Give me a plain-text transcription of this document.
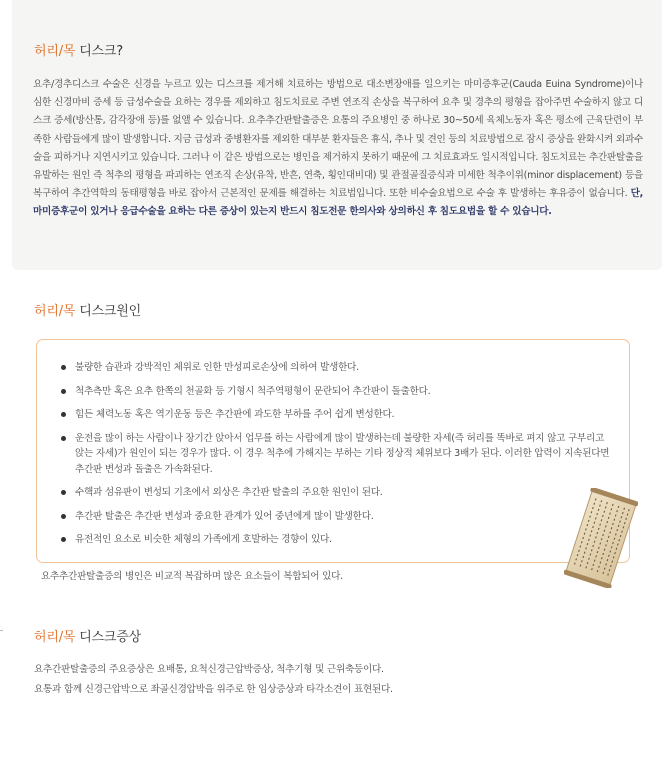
허리/목 디스크?

요추/경추디스크 수술은 신경을 누르고 있는 디스크를 제거해 치료하는 방법으로 대소변장애를 일으키는 마미증후군(Cauda Euina Syndrome)이나 심한 신경마비 증세 등 급성수술을 요하는 경우를 제외하고 침도치료로 주변 연조직 손상을 복구하여 요추 및 경추의 평형을 잡아주면 수술하지 않고 디스크 증세(방산통, 감각장애 등)를 없앨 수 있습니다. 요추추간판탈출증은 요통의 주요병인 중 하나로 30~50세 육체노동자 혹은 평소에 근육단련이 부족한 사람들에게 많이 발생합니다. 지금 급성과 중병환자를 제외한 대부분 환자들은 휴식, 추나 및 견인 등의 치료방법으로 잠시 증상을 완화시켜 외과수술을 피하거나 지연시키고 있습니다. 그러나 이 같은 방법으로는 병인을 제거하지 못하기 때문에 그 치료효과도 일시적입니다. 침도치료는 추간판탈출을 유발하는 원인 즉 척추의 평형을 파괴하는 연조직 손상(유착, 반흔, 연축, 횡인대비대) 및 관절골질증식과 미세한 척추이위(minor displacement) 등을 복구하여 추간역학의 동태평형을 바로 잡아서 근본적인 문제를 해결하는 치료법입니다. 또한 비수술요법으로 수술 후 발생하는 후유증이 없습니다. 단, 마미증후군이 있거나 응급수술을 요하는 다른 증상이 있는지 반드시 침도전문 한의사와 상의하신 후 침도요법을 할 수 있습니다.

허리/목 디스크원인
불량한 습관과 강박적인 체위로 인한 만성피로손상에 의하여 발생한다.
척추측만 혹은 요추 한쪽의 천골화 등 기형시 척주역평형이 문란되어 추간판이 돌출한다.
힘든 체력노동 혹은 역기운동 등은 추간판에 과도한 부하를 주어 쉽게 변성한다.
운전을 많이 하는 사람이나 장기간 앉아서 업무를 하는 사람에게 많이 발생하는데 불량한 자세(즉 허리를 똑바로 펴지 않고 구부리고 앉는 자세)가 원인이 되는 경우가 많다. 이 경우 척추에 가해지는 부하는 기타 정상적 체위보다 3배가 된다. 이러한 압력이 지속된다면 추간판 변성과 돌출은 가속화된다.
수핵과 섬유판이 변성되 기초에서 외상은 추간판 탈출의 주요한 원인이 된다.
추간판 탈출은 추간판 변성과 중요한 관계가 있어 중년에게 많이 발생한다.
유전적인 요소로 비슷한 체형의 가족에게 호발하는 경향이 있다.
요추추간판탈출증의 병인은 비교적 복잡하며 많은 요소들이 복합되어 있다.
허리/목 디스크증상
요추간판탈출증의 주요증상은 요배통, 요척신경근압박증상, 척추기형 및 근위축등이다.
요통과 함께 신경근압박으로 좌골신경압박을 위주로 한 임상증상과 타각소견이 표현된다.
